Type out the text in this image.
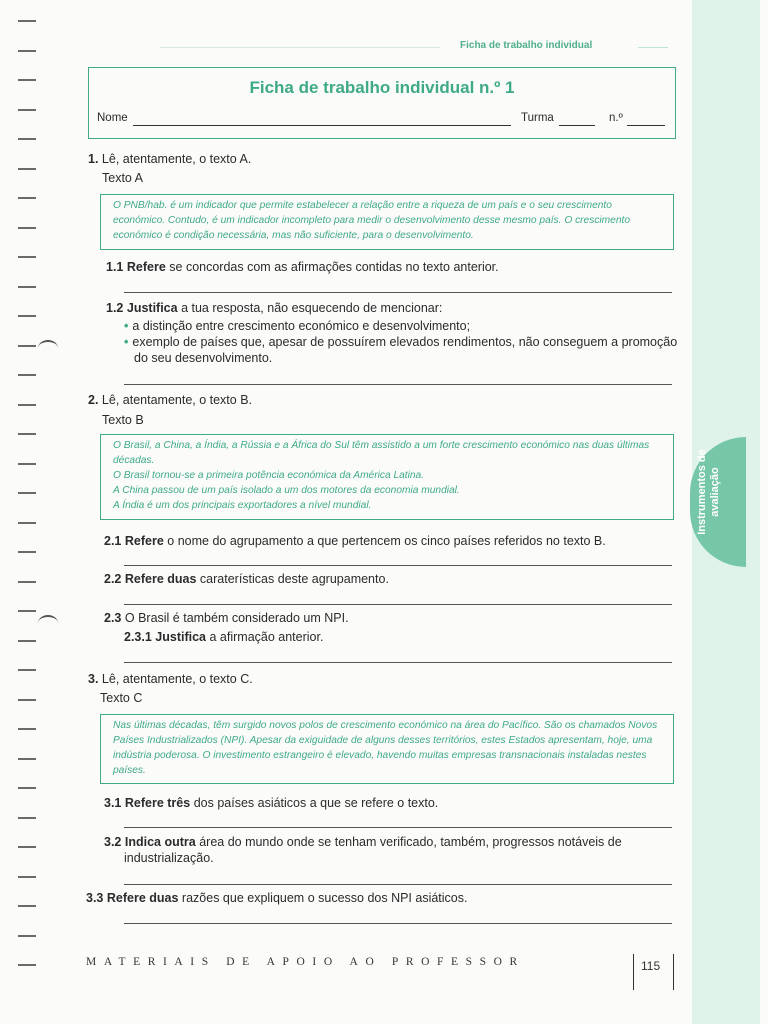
Instrumentos de avaliação
Ficha de trabalho individual
Ficha de trabalho individual n.º 1
Nome	Turma	n.º
1. Lê, atentamente, o texto A.
Texto A

O PNB/hab. é um indicador que permite estabelecer a relação entre a riqueza de um país e o seu crescimento económico. Contudo, é um indicador incompleto para medir o desenvolvimento desse mesmo país. O crescimento económico é condição necessária, mas não suficiente, para o desenvolvimento.

1.1 Refere se concordas com as afirmações contidas no texto anterior.
1.2 Justifica a tua resposta, não esquecendo de mencionar:
• a distinção entre crescimento económico e desenvolvimento;
• exemplo de países que, apesar de possuírem elevados rendimentos, não conseguem a promoção do seu desenvolvimento.
2. Lê, atentamente, o texto B.
Texto B

O Brasil, a China, a Índia, a Rússia e a África do Sul têm assistido a um forte crescimento económico nas duas últimas décadas.

O Brasil tornou-se a primeira potência económica da América Latina.

A China passou de um país isolado a um dos motores da economia mundial.

A Índia é um dos principais exportadores a nível mundial.

2.1 Refere o nome do agrupamento a que pertencem os cinco países referidos no texto B.
2.2 Refere duas caraterísticas deste agrupamento.
2.3 O Brasil é também considerado um NPI.
2.3.1 Justifica a afirmação anterior.
3. Lê, atentamente, o texto C.
Texto C

Nas últimas décadas, têm surgido novos polos de crescimento económico na área do Pacífico. São os chamados Novos Países Industrializados (NPI). Apesar da exiguidade de alguns desses territórios, estes Estados apresentam, hoje, uma indústria poderosa. O investimento estrangeiro é elevado, havendo muitas empresas transnacionais instaladas nestes países.

3.1 Refere três dos países asiáticos a que se refere o texto.
3.2 Indica outra área do mundo onde se tenham verificado, também, progressos notáveis de industrialização.
3.3 Refere duas razões que expliquem o sucesso dos NPI asiáticos.
MATERIAIS DE APOIO AO PROFESSOR	115
